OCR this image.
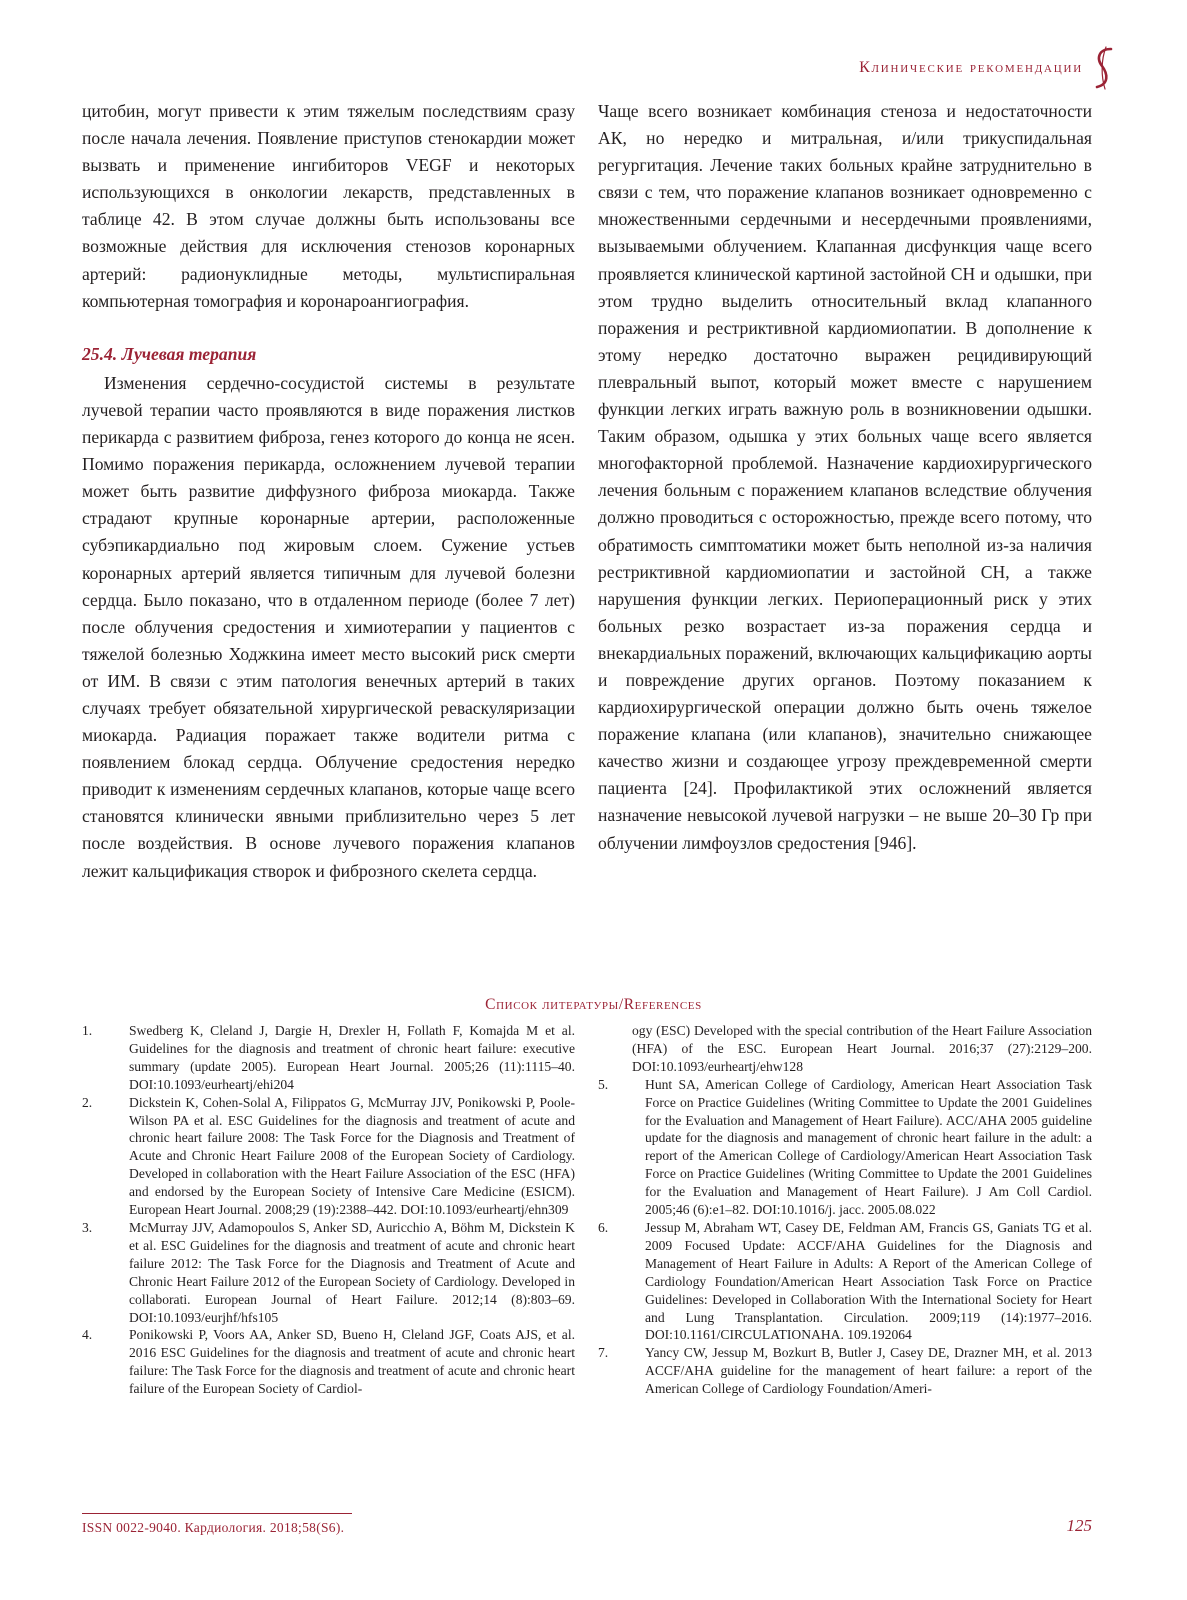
Клинические рекомендации

цитобин, могут привести к этим тяжелым последствиям сразу после начала лечения. Появление приступов стенокардии может вызвать и применение ингибиторов VEGF и некоторых использующихся в онкологии лекарств, представленных в таблице 42. В этом случае должны быть использованы все возможные действия для исключения стенозов коронарных артерий: радионуклидные методы, мультиспиральная компьютерная томография и коронароангиография.

25.4. Лучевая терапия

Изменения сердечно-сосудистой системы в результате лучевой терапии часто проявляются в виде поражения листков перикарда с развитием фиброза, генез которого до конца не ясен. Помимо поражения перикарда, осложнением лучевой терапии может быть развитие диффузного фиброза миокарда. Также страдают крупные коронарные артерии, расположенные субэпикардиально под жировым слоем. Сужение устьев коронарных артерий является типичным для лучевой болезни сердца. Было показано, что в отдаленном периоде (более 7 лет) после облучения средостения и химиотерапии у пациентов с тяжелой болезнью Ходжкина имеет место высокий риск смерти от ИМ. В связи с этим патология венечных артерий в таких случаях требует обязательной хирургической реваскуляризации миокарда. Радиация поражает также водители ритма с появлением блокад сердца. Облучение средостения нередко приводит к изменениям сердечных клапанов, которые чаще всего становятся клинически явными приблизительно через 5 лет после воздействия. В основе лучевого поражения клапанов лежит кальцификация створок и фиброзного скелета сердца.

Чаще всего возникает комбинация стеноза и недостаточности АК, но нередко и митральная, и/или трикуспидальная регургитация. Лечение таких больных крайне затруднительно в связи с тем, что поражение клапанов возникает одновременно с множественными сердечными и несердечными проявлениями, вызываемыми облучением. Клапанная дисфункция чаще всего проявляется клинической картиной застойной СН и одышки, при этом трудно выделить относительный вклад клапанного поражения и рестриктивной кардиомиопатии. В дополнение к этому нередко достаточно выражен рецидивирующий плевральный выпот, который может вместе с нарушением функции легких играть важную роль в возникновении одышки. Таким образом, одышка у этих больных чаще всего является многофакторной проблемой. Назначение кардиохирургического лечения больным с поражением клапанов вследствие облучения должно проводиться с осторожностью, прежде всего потому, что обратимость симптоматики может быть неполной из-за наличия рестриктивной кардиомиопатии и застойной СН, а также нарушения функции легких. Периоперационный риск у этих больных резко возрастает из-за поражения сердца и внекардиальных поражений, включающих кальцификацию аорты и повреждение других органов. Поэтому показанием к кардиохирургической операции должно быть очень тяжелое поражение клапана (или клапанов), значительно снижающее качество жизни и создающее угрозу преждевременной смерти пациента [24]. Профилактикой этих осложнений является назначение невысокой лучевой нагрузки – не выше 20–30 Гр при облучении лимфоузлов средостения [946].

Список литературы/References
1.	Swedberg K, Cleland J, Dargie H, Drexler H, Follath F, Komajda M et al. Guidelines for the diagnosis and treatment of chronic heart failure: executive summary (update 2005). European Heart Journal. 2005;26 (11):1115–40. DOI:10.1093/eurheartj/ehi204
2.	Dickstein K, Cohen-Solal A, Filippatos G, McMurray JJV, Ponikowski P, Poole-Wilson PA et al. ESC Guidelines for the diagnosis and treatment of acute and chronic heart failure 2008: The Task Force for the Diagnosis and Treatment of Acute and Chronic Heart Failure 2008 of the European Society of Cardiology. Developed in collaboration with the Heart Failure Association of the ESC (HFA) and endorsed by the European Society of Intensive Care Medicine (ESICM). European Heart Journal. 2008;29 (19):2388–442. DOI:10.1093/eurheartj/ehn309
3.	McMurray JJV, Adamopoulos S, Anker SD, Auricchio A, Böhm M, Dickstein K et al. ESC Guidelines for the diagnosis and treatment of acute and chronic heart failure 2012: The Task Force for the Diagnosis and Treatment of Acute and Chronic Heart Failure 2012 of the European Society of Cardiology. Developed in collaborati. European Journal of Heart Failure. 2012;14 (8):803–69. DOI:10.1093/eurjhf/hfs105
4.	Ponikowski P, Voors AA, Anker SD, Bueno H, Cleland JGF, Coats AJS, et al. 2016 ESC Guidelines for the diagnosis and treatment of acute and chronic heart failure: The Task Force for the diagnosis and treatment of acute and chronic heart failure of the European Society of Cardiol-
ogy (ESC) Developed with the special contribution of the Heart Failure Association (HFA) of the ESC. European Heart Journal. 2016;37 (27):2129–200. DOI:10.1093/eurheartj/ehw128
5.	Hunt SA, American College of Cardiology, American Heart Association Task Force on Practice Guidelines (Writing Committee to Update the 2001 Guidelines for the Evaluation and Management of Heart Failure). ACC/AHA 2005 guideline update for the diagnosis and management of chronic heart failure in the adult: a report of the American College of Cardiology/American Heart Association Task Force on Practice Guidelines (Writing Committee to Update the 2001 Guidelines for the Evaluation and Management of Heart Failure). J Am Coll Cardiol. 2005;46 (6):e1–82. DOI:10.1016/j. jacc. 2005.08.022
6.	Jessup M, Abraham WT, Casey DE, Feldman AM, Francis GS, Ganiats TG et al. 2009 Focused Update: ACCF/AHA Guidelines for the Diagnosis and Management of Heart Failure in Adults: A Report of the American College of Cardiology Foundation/American Heart Association Task Force on Practice Guidelines: Developed in Collaboration With the International Society for Heart and Lung Transplantation. Circulation. 2009;119 (14):1977–2016. DOI:10.1161/CIRCULATIONAHA. 109.192064
7.	Yancy CW, Jessup M, Bozkurt B, Butler J, Casey DE, Drazner MH, et al. 2013 ACCF/AHA guideline for the management of heart failure: a report of the American College of Cardiology Foundation/Ameri-
ISSN 0022-9040. Кардиология. 2018;58(S6).	125
